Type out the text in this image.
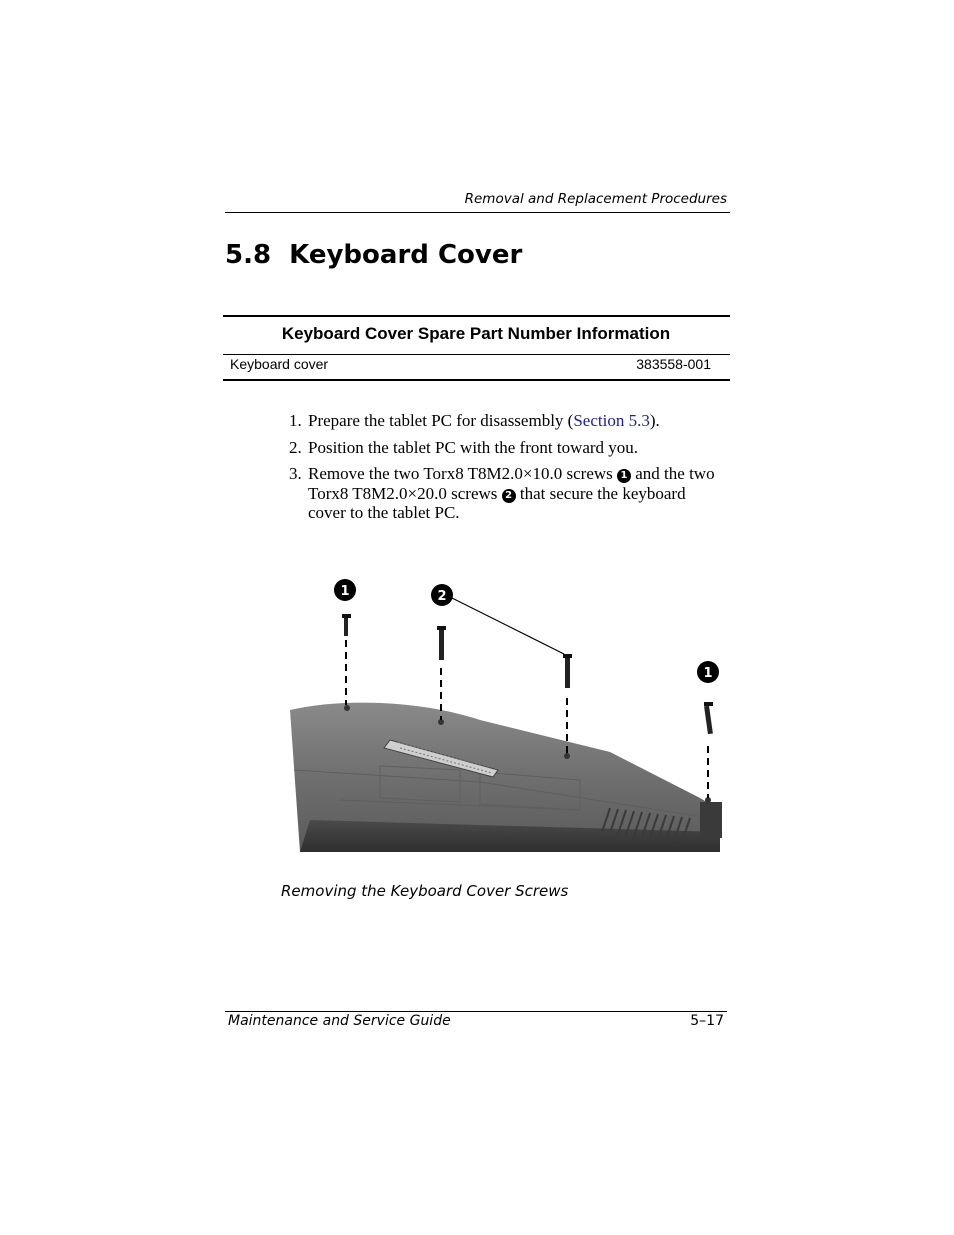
Removal and Replacement Procedures
5.8  Keyboard Cover
Keyboard Cover Spare Part Number Information
Keyboard cover	383558-001
1. Prepare the tablet PC for disassembly (Section 5.3).
2. Position the tablet PC with the front toward you.
3. Remove the two Torx8 T8M2.0×10.0 screws 1 and the two Torx8 T8M2.0×20.0 screws 2 that secure the keyboard cover to the tablet PC.
1	2
1
Removing the Keyboard Cover Screws
Maintenance and Service Guide	5–17
